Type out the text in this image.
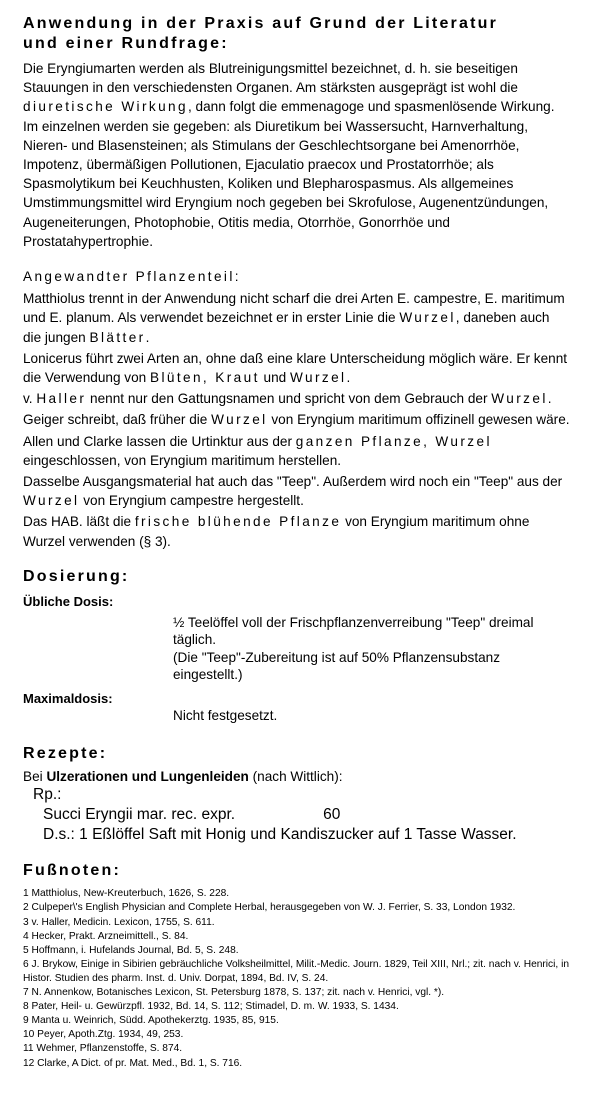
Anwendung in der Praxis auf Grund der Literatur
und einer Rundfrage:

Die Eryngiumarten werden als Blutreinigungsmittel bezeichnet, d. h. sie beseitigen Stauungen in den verschiedensten Organen. Am stärksten ausgeprägt ist wohl die diuretische Wirkung, dann folgt die emmenagoge und spasmenlösende Wirkung. Im einzelnen werden sie gegeben: als Diuretikum bei Wassersucht, Harnverhaltung, Nieren- und Blasensteinen; als Stimulans der Geschlechtsorgane bei Amenorrhöe, Impotenz, übermäßigen Pollutionen, Ejaculatio praecox und Prostatorrhöe; als Spasmolytikum bei Keuchhusten, Koliken und Blepharospasmus. Als allgemeines Umstimmungsmittel wird Eryngium noch gegeben bei Skrofulose, Augenentzündungen, Augeneiterungen, Photophobie, Otitis media, Otorrhöe, Gonorrhöe und Prostatahypertrophie.

Angewandter Pflanzenteil:

Matthiolus trennt in der Anwendung nicht scharf die drei Arten E. campestre, E. maritimum und E. planum. Als verwendet bezeichnet er in erster Linie die Wurzel, daneben auch die jungen Blätter.

Lonicerus führt zwei Arten an, ohne daß eine klare Unterscheidung möglich wäre. Er kennt die Verwendung von Blüten, Kraut und Wurzel.

v. Haller nennt nur den Gattungsnamen und spricht von dem Gebrauch der Wurzel.

Geiger schreibt, daß früher die Wurzel von Eryngium maritimum offizinell gewesen wäre.

Allen und Clarke lassen die Urtinktur aus der ganzen Pflanze, Wurzel eingeschlossen, von Eryngium maritimum herstellen.

Dasselbe Ausgangsmaterial hat auch das "Teep". Außerdem wird noch ein "Teep" aus der Wurzel von Eryngium campestre hergestellt.

Das HAB. läßt die frische blühende Pflanze von Eryngium maritimum ohne Wurzel verwenden (§ 3).

Dosierung:
Übliche Dosis:
½ Teelöffel voll der Frischpflanzenverreibung "Teep" dreimal täglich.
(Die "Teep"-Zubereitung ist auf 50% Pflanzensubstanz eingestellt.)
Maximaldosis:
Nicht festgesetzt.
Rezepte:
Bei Ulzerationen und Lungenleiden (nach Wittlich):
Rp.:
Succi Eryngii mar. rec. expr.	60
D.s.: 1 Eßlöffel Saft mit Honig und Kandiszucker auf 1 Tasse Wasser.
Fußnoten:
1 Matthiolus, New-Kreuterbuch, 1626, S. 228.
2 Culpeper\'s English Physician and Complete Herbal, herausgegeben von W. J. Ferrier, S. 33, London 1932.
3 v. Haller, Medicin. Lexicon, 1755, S. 611.
4 Hecker, Prakt. Arzneimittell., S. 84.
5 Hoffmann, i. Hufelands Journal, Bd. 5, S. 248.
6 J. Brykow, Einige in Sibirien gebräuchliche Volksheilmittel, Milit.-Medic. Journ. 1829, Teil XIII, Nrl.; zit. nach v. Henrici, in Histor. Studien des pharm. Inst. d. Univ. Dorpat, 1894, Bd. IV, S. 24.
7 N. Annenkow, Botanisches Lexicon, St. Petersburg 1878, S. 137; zit. nach v. Henrici, vgl. *).
8 Pater, Heil- u. Gewürzpfl. 1932, Bd. 14, S. 112; Stimadel, D. m. W. 1933, S. 1434.
9 Manta u. Weinrich, Südd. Apothekerztg. 1935, 85, 915.
10 Peyer, Apoth.Ztg. 1934, 49, 253.
11 Wehmer, Pflanzenstoffe, S. 874.
12 Clarke, A Dict. of pr. Mat. Med., Bd. 1, S. 716.
